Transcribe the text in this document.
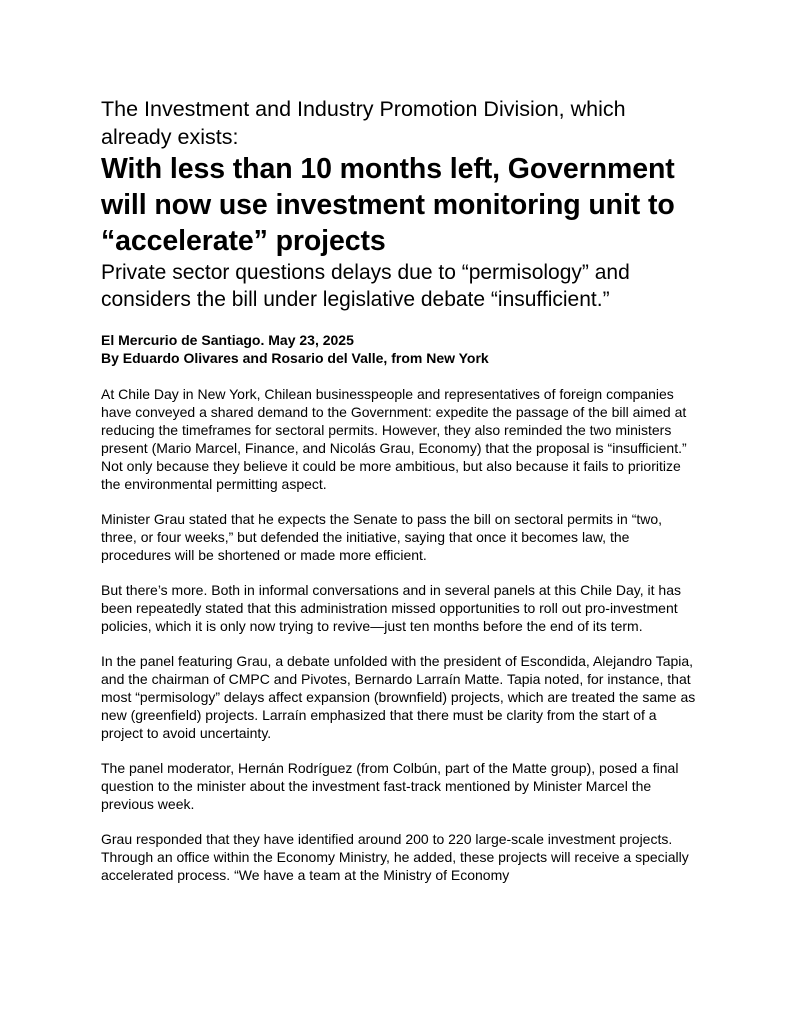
The Investment and Industry Promotion Division, which already exists:
With less than 10 months left, Government will now use investment monitoring unit to “accelerate” projects
Private sector questions delays due to “permisology” and considers the bill under legislative debate “insufficient.”
El Mercurio de Santiago. May 23, 2025
By Eduardo Olivares and Rosario del Valle, from New York

At Chile Day in New York, Chilean businesspeople and representatives of foreign companies have conveyed a shared demand to the Government: expedite the passage of the bill aimed at reducing the timeframes for sectoral permits. However, they also reminded the two ministers present (Mario Marcel, Finance, and Nicolás Grau, Economy) that the proposal is “insufficient.” Not only because they believe it could be more ambitious, but also because it fails to prioritize the environmental permitting aspect.

Minister Grau stated that he expects the Senate to pass the bill on sectoral permits in “two, three, or four weeks,” but defended the initiative, saying that once it becomes law, the procedures will be shortened or made more efficient.

But there’s more. Both in informal conversations and in several panels at this Chile Day, it has been repeatedly stated that this administration missed opportunities to roll out pro-investment policies, which it is only now trying to revive—just ten months before the end of its term.

In the panel featuring Grau, a debate unfolded with the president of Escondida, Alejandro Tapia, and the chairman of CMPC and Pivotes, Bernardo Larraín Matte. Tapia noted, for instance, that most “permisology” delays affect expansion (brownfield) projects, which are treated the same as new (greenfield) projects. Larraín emphasized that there must be clarity from the start of a project to avoid uncertainty.

The panel moderator, Hernán Rodríguez (from Colbún, part of the Matte group), posed a final question to the minister about the investment fast-track mentioned by Minister Marcel the previous week.

Grau responded that they have identified around 200 to 220 large-scale investment projects. Through an office within the Economy Ministry, he added, these projects will receive a specially accelerated process. “We have a team at the Ministry of Economy
